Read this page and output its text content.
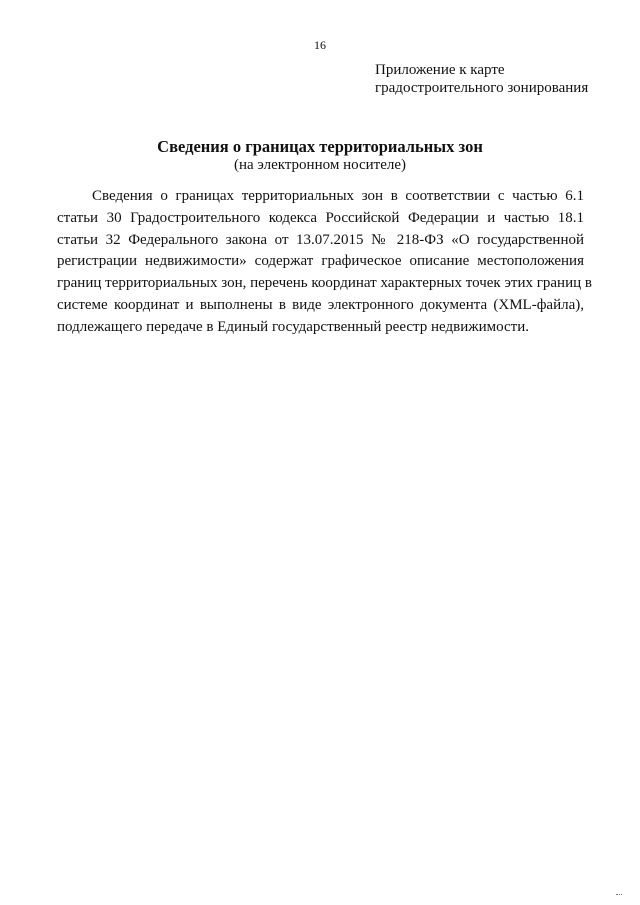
16
Приложение к карте
градостроительного зонирования
Сведения о границах территориальных зон
(на электронном носителе)
Сведения о границах территориальных зон в соответствии с частью 6.1
статьи 30 Градостроительного кодекса Российской Федерации и частью 18.1
статьи 32 Федерального закона от 13.07.2015 № 218-ФЗ «О государственной
регистрации недвижимости» содержат графическое описание местоположения
границ территориальных зон, перечень координат характерных точек этих границ в
системе координат и выполнены в виде электронного документа (XML-файла),
подлежащего передаче в Единый государственный реестр недвижимости.
